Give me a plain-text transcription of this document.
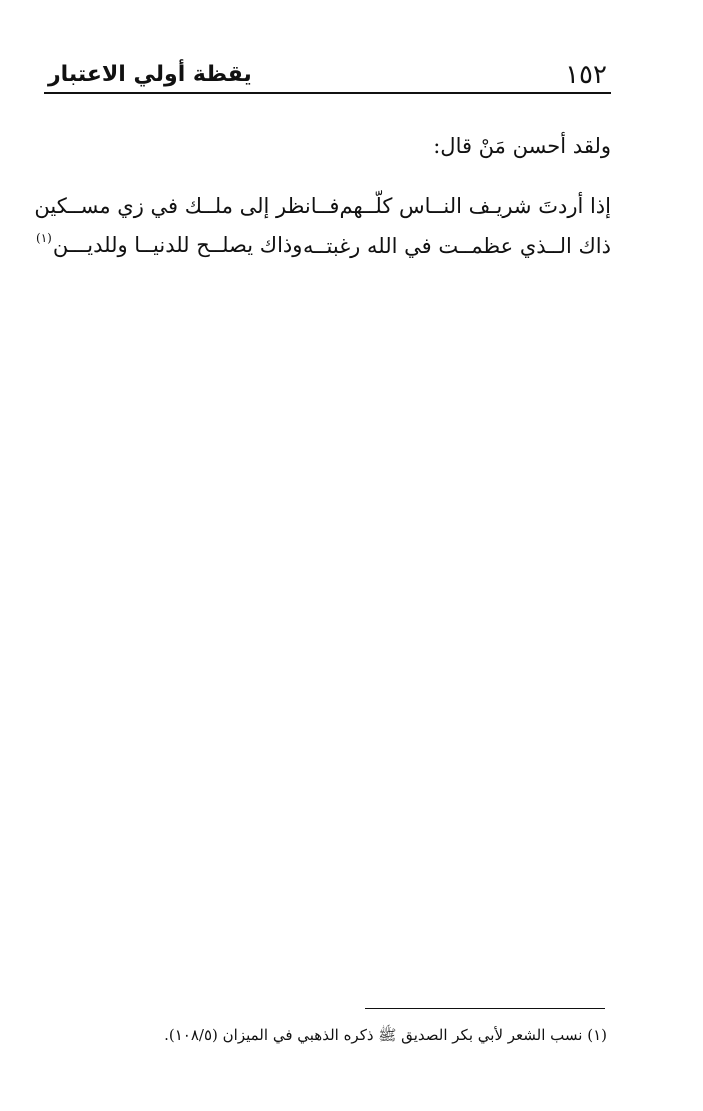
١٥٢
يقظة أولي الاعتبار
ولقد أحسن مَنْ قال:
إذا أردتَ شريـف النــاس كلّــهم
فــانظر إلى ملــك في زي مســكين
ذاك الــذي عظمــت في الله رغبتــه
وذاك يصلــح للدنيــا وللديـــن$^{(١)}$
(١) نسب الشعر لأبي بكر الصديق ﷺ ذكره الذهبي في الميزان (١٠٨/٥).
